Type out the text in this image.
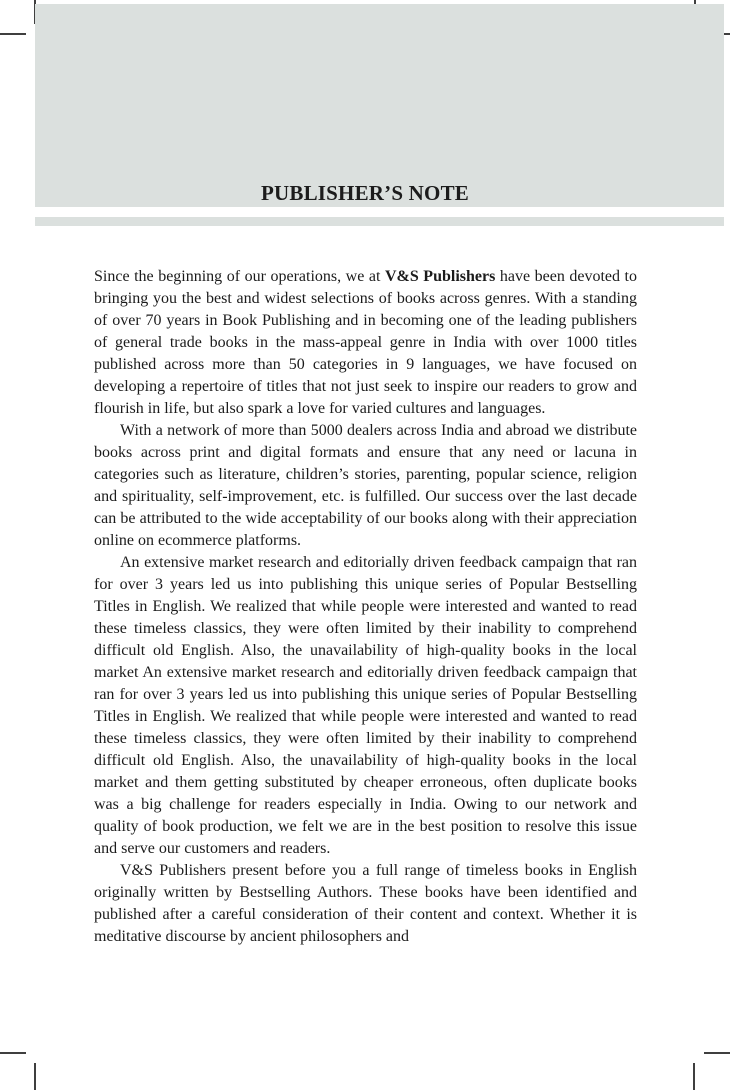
PUBLISHER’S NOTE

Since the beginning of our operations, we at V&S Publishers have been devoted to bringing you the best and widest selections of books across genres. With a standing of over 70 years in Book Publishing and in becoming one of the leading publishers of general trade books in the mass-appeal genre in India with over 1000 titles published across more than 50 categories in 9 languages, we have focused on developing a repertoire of titles that not just seek to inspire our readers to grow and flourish in life, but also spark a love for varied cultures and languages.

With a network of more than 5000 dealers across India and abroad we distribute books across print and digital formats and ensure that any need or lacuna in categories such as literature, children’s stories, parenting, popular science, religion and spirituality, self-improvement, etc. is fulfilled. Our success over the last decade can be attributed to the wide acceptability of our books along with their appreciation online on ecommerce platforms.

An extensive market research and editorially driven feedback campaign that ran for over 3 years led us into publishing this unique series of Popular Bestselling Titles in English. We realized that while people were interested and wanted to read these timeless classics, they were often limited by their inability to comprehend difficult old English. Also, the unavailability of high-quality books in the local market An extensive market research and editorially driven feedback campaign that ran for over 3 years led us into publishing this unique series of Popular Bestselling Titles in English. We realized that while people were interested and wanted to read these timeless classics, they were often limited by their inability to comprehend difficult old English. Also, the unavailability of high-quality books in the local market and them getting substituted by cheaper erroneous, often duplicate books was a big challenge for readers especially in India. Owing to our network and quality of book production, we felt we are in the best position to resolve this issue and serve our customers and readers.

V&S Publishers present before you a full range of timeless books in English originally written by Bestselling Authors. These books have been identified and published after a careful consideration of their content and context. Whether it is meditative discourse by ancient philosophers and
